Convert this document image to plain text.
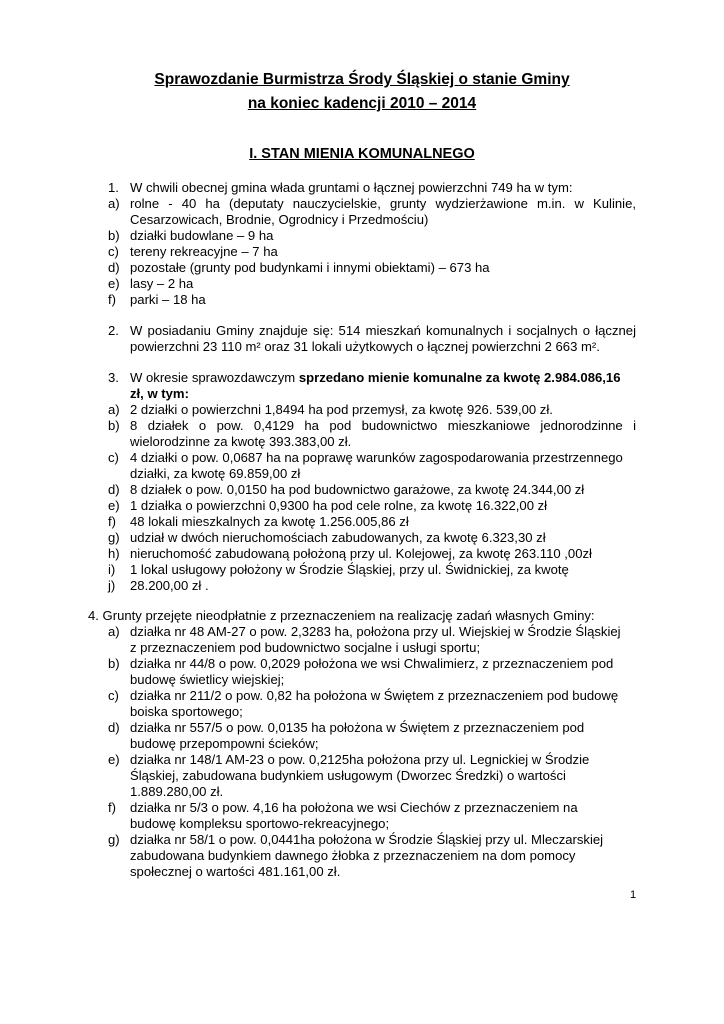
Sprawozdanie Burmistrza Środy Śląskiej o stanie Gminy
na koniec kadencji 2010 – 2014
I. STAN MIENIA KOMUNALNEGO
1. W chwili obecnej gmina włada gruntami o łącznej powierzchni 749 ha w tym:
a) rolne - 40 ha (deputaty nauczycielskie, grunty wydzierżawione m.in. w Kulinie,
Cesarzowicach, Brodnie, Ogrodnicy i Przedmościu)
b) działki budowlane – 9 ha
c) tereny rekreacyjne – 7 ha
d) pozostałe (grunty pod budynkami i innymi obiektami) – 673 ha
e) lasy – 2 ha
f) parki – 18 ha
2. W posiadaniu Gminy znajduje się: 514 mieszkań komunalnych i socjalnych o łącznej
powierzchni 23 110 m² oraz 31 lokali użytkowych o łącznej powierzchni 2 663 m².
3. W okresie sprawozdawczym sprzedano mienie komunalne za kwotę 2.984.086,16
zł, w tym:
a) 2 działki o powierzchni 1,8494 ha pod przemysł, za kwotę 926. 539,00 zł.
b) 8 działek o pow. 0,4129 ha pod budownictwo mieszkaniowe jednorodzinne i
wielorodzinne za kwotę 393.383,00 zł.
c) 4 działki o pow. 0,0687 ha na poprawę warunków zagospodarowania przestrzennego
działki, za kwotę 69.859,00 zł
d) 8 działek o pow. 0,0150 ha pod budownictwo garażowe, za kwotę 24.344,00 zł
e) 1 działka o powierzchni 0,9300 ha pod cele rolne, za kwotę 16.322,00 zł
f) 48 lokali mieszkalnych za kwotę 1.256.005,86 zł
g) udział w dwóch nieruchomościach zabudowanych, za kwotę 6.323,30 zł
h) nieruchomość zabudowaną położoną przy ul. Kolejowej, za kwotę 263.110 ,00zł
i) 1 lokal usługowy położony w Środzie Śląskiej, przy ul. Świdnickiej, za kwotę
j) 28.200,00 zł .
4. Grunty przejęte nieodpłatnie z przeznaczeniem na realizację zadań własnych Gminy:
a) działka nr 48 AM-27 o pow. 2,3283 ha, położona przy ul. Wiejskiej w Środzie Śląskiej
z przeznaczeniem pod budownictwo socjalne i usługi sportu;
b) działka nr 44/8 o pow. 0,2029 położona we wsi Chwalimierz, z przeznaczeniem pod
budowę świetlicy wiejskiej;
c) działka nr 211/2 o pow. 0,82 ha położona w Świętem z przeznaczeniem pod budowę
boiska sportowego;
d) działka nr 557/5 o pow. 0,0135 ha położona w Świętem z przeznaczeniem pod
budowę przepompowni ścieków;
e) działka nr 148/1 AM-23 o pow. 0,2125ha położona przy ul. Legnickiej w Środzie
Śląskiej, zabudowana budynkiem usługowym (Dworzec Średzki) o wartości
1.889.280,00 zł.
f) działka nr 5/3 o pow. 4,16 ha położona we wsi Ciechów z przeznaczeniem na
budowę kompleksu sportowo-rekreacyjnego;
g) działka nr 58/1 o pow. 0,0441ha położona w Środzie Śląskiej przy ul. Mleczarskiej
zabudowana budynkiem dawnego żłobka z przeznaczeniem na dom pomocy
społecznej o wartości 481.161,00 zł.
1
